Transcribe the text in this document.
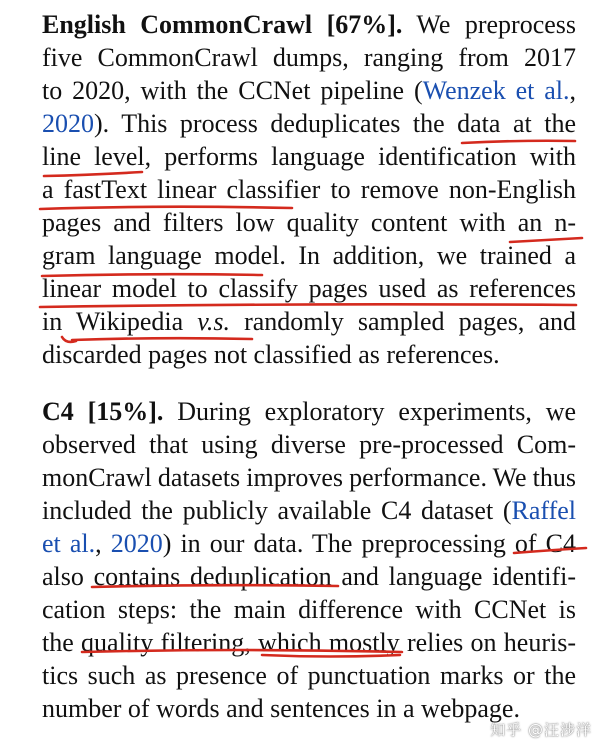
English CommonCrawl [67%]. We preprocess
five CommonCrawl dumps, ranging from 2017
to 2020, with the CCNet pipeline (Wenzek et al.,
2020). This process deduplicates the data at the
line level, performs language identification with
a fastText linear classifier to remove non-English
pages and filters low quality content with an n-
gram language model. In addition, we trained a
linear model to classify pages used as references
in Wikipedia v.s. randomly sampled pages, and
discarded pages not classified as references.
C4 [15%]. During exploratory experiments, we
observed that using diverse pre-processed Com-
monCrawl datasets improves performance. We thus
included the publicly available C4 dataset (Raffel
et al., 2020) in our data. The preprocessing of C4
also contains deduplication and language identifi-
cation steps: the main difference with CCNet is
the quality filtering, which mostly relies on heuris-
tics such as presence of punctuation marks or the
number of words and sentences in a webpage.
知乎 @汪涉洋
